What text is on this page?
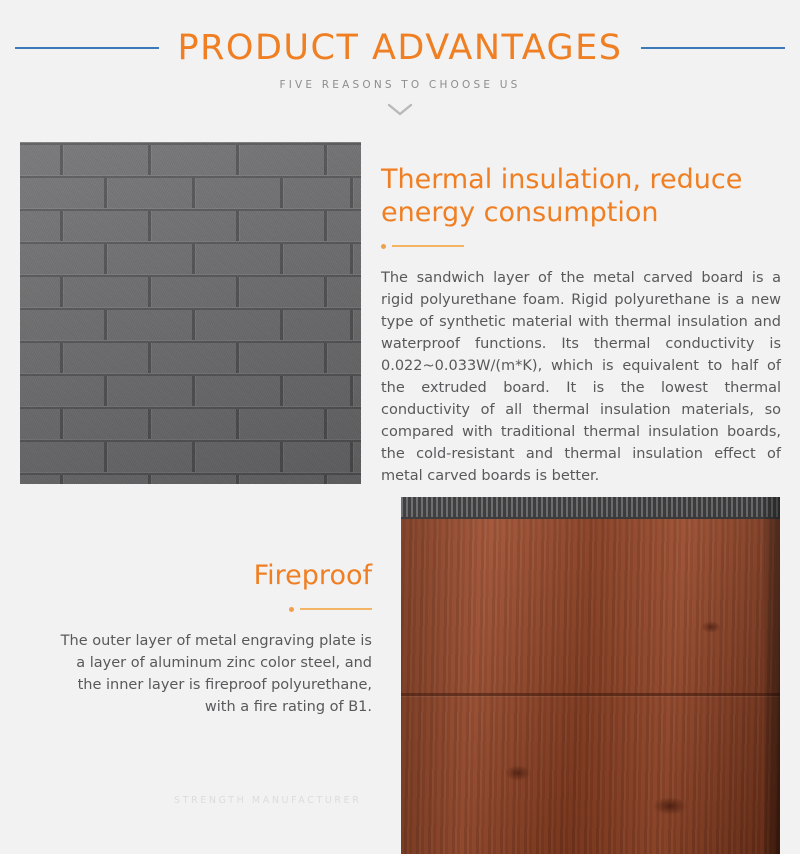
PRODUCT ADVANTAGES
FIVE REASONS TO CHOOSE US
Thermal insulation, reduce energy consumption
The sandwich layer of the metal carved board is a rigid polyurethane foam. Rigid polyurethane is a new type of synthetic material with thermal insulation and waterproof functions. Its thermal conductivity is 0.022~0.033W/(m*K), which is equivalent to half of the extruded board. It is the lowest thermal conductivity of all thermal insulation materials, so compared with traditional thermal insulation boards, the cold-resistant and thermal insulation effect of metal carved boards is better.
Fireproof
The outer layer of metal engraving plate is a layer of aluminum zinc color steel, and the inner layer is fireproof polyurethane, with a fire rating of B1.
STRENGTH MANUFACTURER
